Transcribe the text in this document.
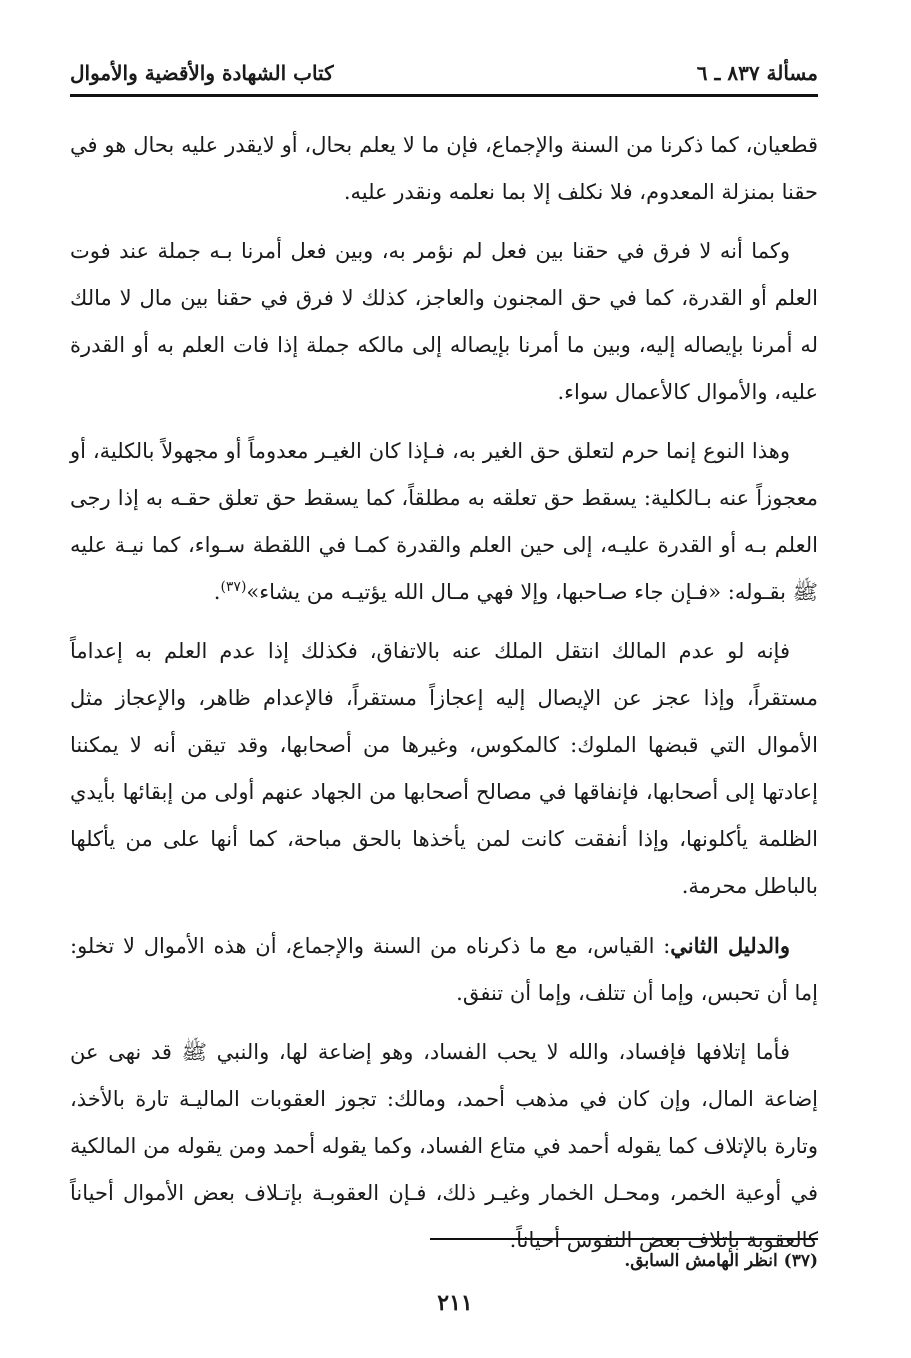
مسألة ٨٣٧ ـ ٦
كتاب الشهادة والأقضية والأموال

قطعيان، كما ذكرنا من السنة والإجماع، فإن ما لا يعلم بحال، أو لايقدر عليه بحال هو في حقنا بمنزلة المعدوم، فلا نكلف إلا بما نعلمه ونقدر عليه.

وكما أنه لا فرق في حقنا بين فعل لم نؤمر به، وبين فعل أمرنا بـه جملة عند فوت العلم أو القدرة، كما في حق المجنون والعاجز، كذلك لا فرق في حقنا بين مال لا مالك له أمرنا بإيصاله إليه، وبين ما أمرنا بإيصاله إلى مالكه جملة إذا فات العلم به أو القدرة عليه، والأموال كالأعمال سواء.

وهذا النوع إنما حرم لتعلق حق الغير به، فـإذا كان الغيـر معدوماً أو مجهولاً بالكلية، أو معجوزاً عنه بـالكلية: يسقط حق تعلقه به مطلقاً، كما يسقط حق تعلق حقـه به إذا رجى العلم بـه أو القدرة عليـه، إلى حين العلم والقدرة كمـا في اللقطة سـواء، كما نيـة عليه ﷺ بقـوله: «فـإن جاء صـاحبها، وإلا فهي مـال الله يؤتيـه من يشاء»$^{(٣٧)}$.

فإنه لو عدم المالك انتقل الملك عنه بالاتفاق، فكذلك إذا عدم العلم به إعداماً مستقراً، وإذا عجز عن الإيصال إليه إعجازاً مستقراً، فالإعدام ظاهر، والإعجاز مثل الأموال التي قبضها الملوك: كالمكوس، وغيرها من أصحابها، وقد تيقن أنه لا يمكننا إعادتها إلى أصحابها، فإنفاقها في مصالح أصحابها من الجهاد عنهم أولى من إبقائها بأيدي الظلمة يأكلونها، وإذا أنفقت كانت لمن يأخذها بالحق مباحة، كما أنها على من يأكلها بالباطل محرمة.

والدليل الثاني: القياس، مع ما ذكرناه من السنة والإجماع، أن هذه الأموال لا تخلو: إما أن تحبس، وإما أن تتلف، وإما أن تنفق.

فأما إتلافها فإفساد، والله لا يحب الفساد، وهو إضاعة لها، والنبي ﷺ قد نهى عن إضاعة المال، وإن كان في مذهب أحمد، ومالك: تجوز العقوبات الماليـة تارة بالأخذ، وتارة بالإتلاف كما يقوله أحمد في متاع الفساد، وكما يقوله أحمد ومن يقوله من المالكية في أوعية الخمر، ومحـل الخمار وغيـر ذلك، فـإن العقوبـة بإتـلاف بعض الأموال أحياناً كالعقوبة بإتلاف بعض النفوس أحياناً.

(٣٧) انظر الهامش السابق.
٢١١
